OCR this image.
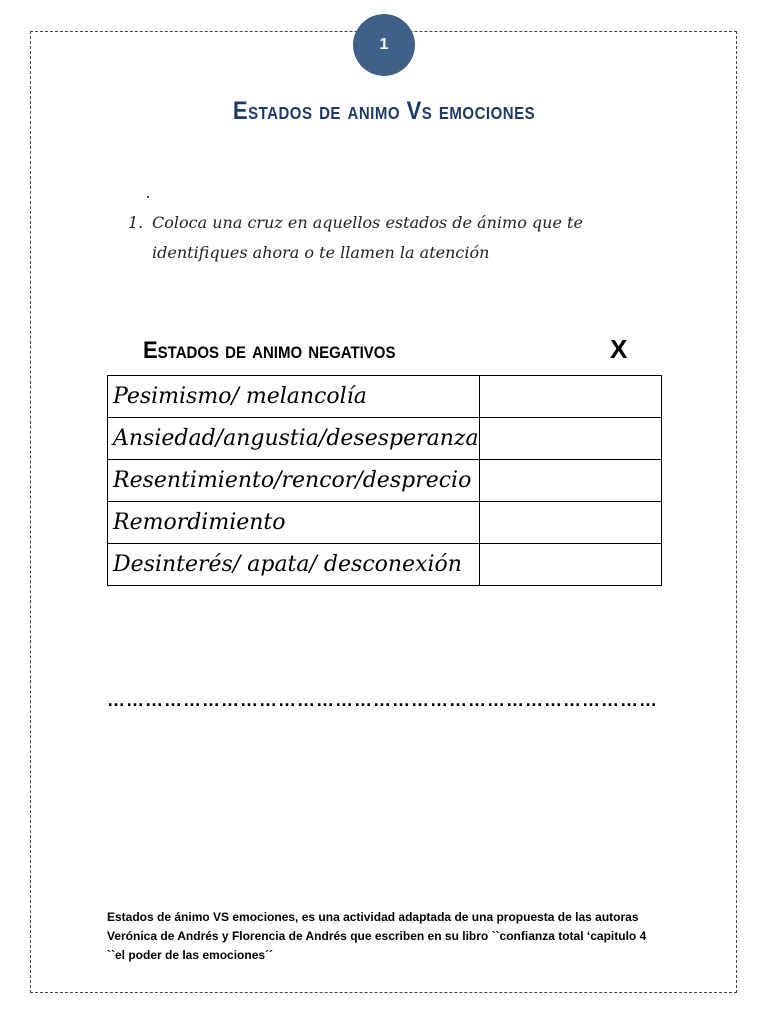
1
Estados de animo Vs emociones
1. Coloca una cruz en aquellos estados de ánimo que te identifiques ahora o te llamen la atención
Estados de animo negativos	X
Pesimismo/ melancolía	
Ansiedad/angustia/desesperanza	
Resentimiento/rencor/desprecio	
Remordimiento	
Desinterés/ apata/ desconexión	
……………………………………………………………………………
Estados de ánimo VS emociones, es una actividad adaptada de una propuesta de las autoras Verónica de Andrés y Florencia de Andrés que escriben en su libro ``confianza total ‘capitulo 4 ``el poder de las emociones´´
